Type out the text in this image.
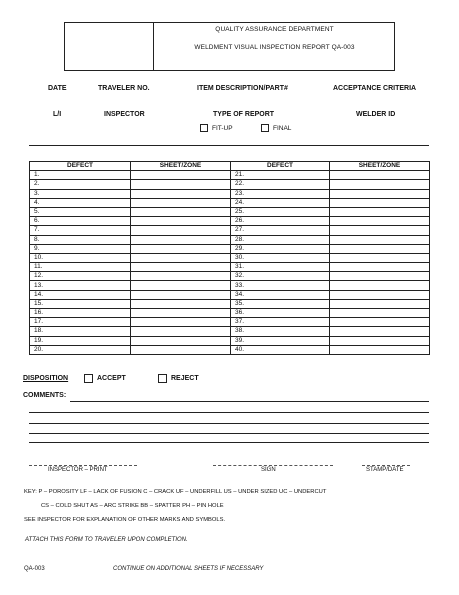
QUALITY ASSURANCE DEPARTMENT
WELDMENT VISUAL INSPECTION REPORT QA-003
DATE	TRAVELER NO.	ITEM DESCRIPTION/PART#	ACCEPTANCE CRITERIA
L/I	INSPECTOR	TYPE OF REPORT	WELDER ID
FIT-UP	FINAL
DEFECT	SHEET/ZONE	DEFECT	SHEET/ZONE
1.		21.	
2.		22.	
3.		23.	
4.		24.	
5.		25.	
6.		26.	
7.		27.	
8.		28.	
9.		29.	
10.		30.	
11.		31.	
12.		32.	
13.		33.	
14.		34.	
15.		35.	
16.		36.	
17.		37.	
18.		38.	
19.		39.	
20.		40.	
DISPOSITION	ACCEPT	REJECT
COMMENTS:
INSPECTOR – PRINT	SIGN	STAMP/DATE
KEY: P – POROSITY LF – LACK OF FUSION C – CRACK UF – UNDERFILL US – UNDER SIZED UC – UNDERCUT
CS – COLD SHUT AS – ARC STRIKE BB – SPATTER PH – PIN HOLE
SEE INSPECTOR FOR EXPLANATION OF OTHER MARKS AND SYMBOLS.
ATTACH THIS FORM TO TRAVELER UPON COMPLETION.
QA-003	CONTINUE ON ADDITIONAL SHEETS IF NECESSARY
